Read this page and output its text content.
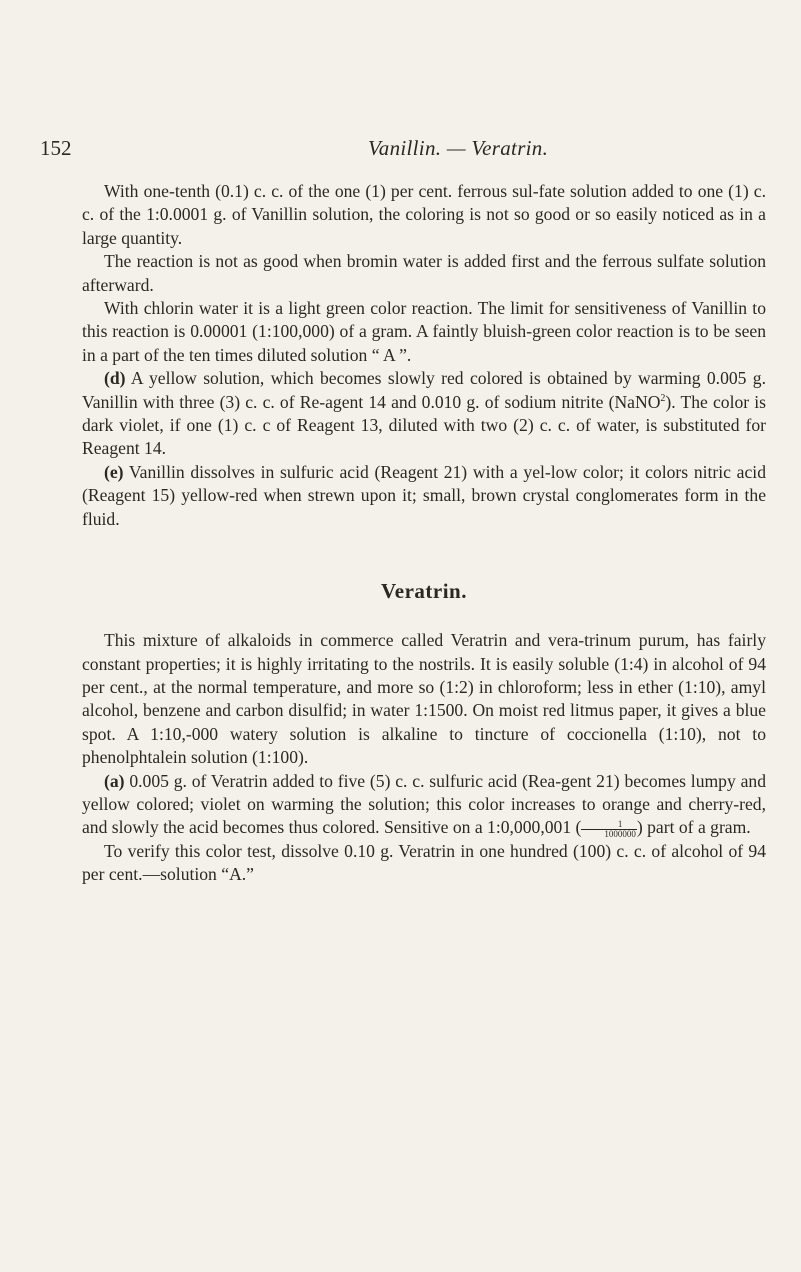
152	Vanillin. — Veratrin.

With one-tenth (0.1) c. c. of the one (1) per cent. ferrous sul-fate solution added to one (1) c. c. of the 1:0.0001 g. of Vanillin solution, the coloring is not so good or so easily noticed as in a large quantity.

The reaction is not as good when bromin water is added first and the ferrous sulfate solution afterward.

With chlorin water it is a light green color reaction. The limit for sensitiveness of Vanillin to this reaction is 0.00001 (1:100,000) of a gram. A faintly bluish-green color reaction is to be seen in a part of the ten times diluted solution “ A ”.

(d) A yellow solution, which becomes slowly red colored is obtained by warming 0.005 g. Vanillin with three (3) c. c. of Re-agent 14 and 0.010 g. of sodium nitrite (NaNO$^2$). The color is dark violet, if one (1) c. c of Reagent 13, diluted with two (2) c. c. of water, is substituted for Reagent 14.

(e) Vanillin dissolves in sulfuric acid (Reagent 21) with a yel-low color; it colors nitric acid (Reagent 15) yellow-red when strewn upon it; small, brown crystal conglomerates form in the fluid.

Veratrin.

This mixture of alkaloids in commerce called Veratrin and vera-trinum purum, has fairly constant properties; it is highly irritating to the nostrils. It is easily soluble (1:4) in alcohol of 94 per cent., at the normal temperature, and more so (1:2) in chloroform; less in ether (1:10), amyl alcohol, benzene and carbon disulfid; in water 1:1500. On moist red litmus paper, it gives a blue spot. A 1:10,-000 watery solution is alkaline to tincture of coccionella (1:10), not to phenolphtalein solution (1:100).

(a) 0.005 g. of Veratrin added to five (5) c. c. sulfuric acid (Rea-gent 21) becomes lumpy and yellow colored; violet on warming the solution; this color increases to orange and cherry-red, and slowly the acid becomes thus colored. Sensitive on a 1:0,000,001 ( $\frac{1}{1000000}$ ) part of a gram.

To verify this color test, dissolve 0.10 g. Veratrin in one hundred (100) c. c. of alcohol of 94 per cent.—solution “A.”
